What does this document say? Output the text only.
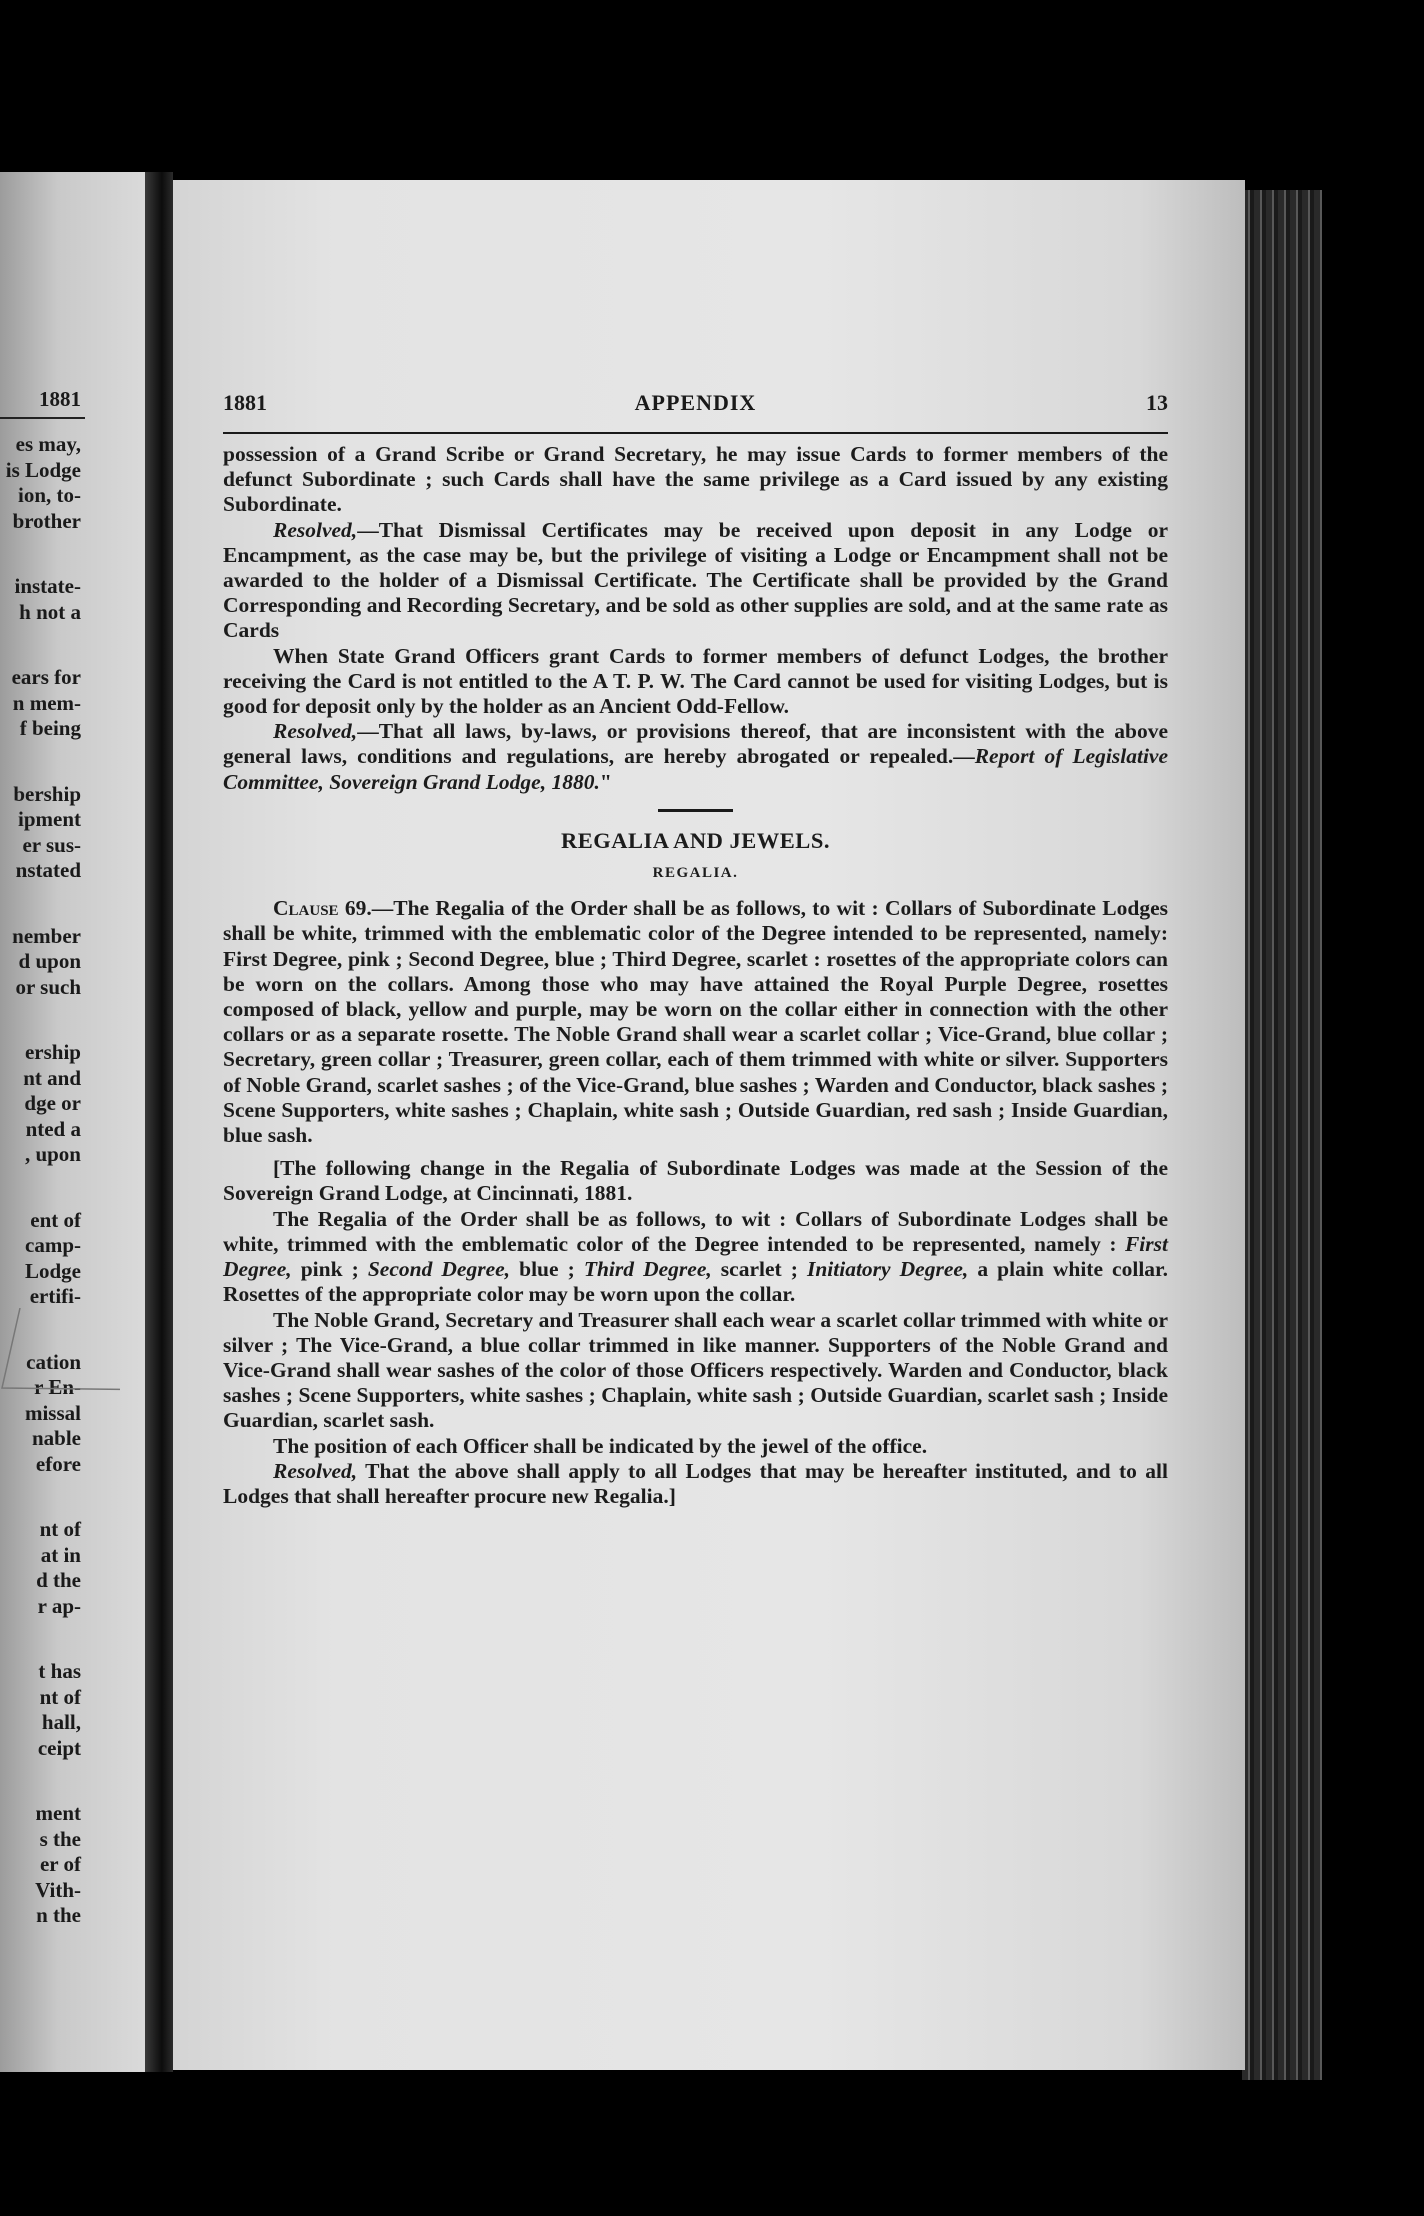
1881
es may,
is Lodge
ion, to-
brother
instate-
h not a
ears for
n mem-
f being
bership
ipment
er sus-
nstated
nember
d upon
or such
ership
nt and
dge or
nted a
, upon
ent of
camp-
Lodge
ertifi-
cation
r En-
missal
nable
efore
nt of
at in
d the
r ap-
t has
nt of
hall,
ceipt
ment
s the
er of
Vith-
n the
1881	APPENDIX	13

possession of a Grand Scribe or Grand Secretary, he may issue Cards to former members of the defunct Subordinate ; such Cards shall have the same privilege as a Card issued by any existing Subordinate.

Resolved,—That Dismissal Certificates may be received upon deposit in any Lodge or Encampment, as the case may be, but the privilege of visiting a Lodge or Encampment shall not be awarded to the holder of a Dismissal Certificate. The Certificate shall be provided by the Grand Corresponding and Recording Secretary, and be sold as other supplies are sold, and at the same rate as Cards

When State Grand Officers grant Cards to former members of defunct Lodges, the brother receiving the Card is not entitled to the A T. P. W. The Card cannot be used for visiting Lodges, but is good for deposit only by the holder as an Ancient Odd-Fellow.

Resolved,—That all laws, by-laws, or provisions thereof, that are inconsistent with the above general laws, conditions and regulations, are hereby abrogated or repealed.—Report of Legislative Committee, Sovereign Grand Lodge, 1880."

REGALIA AND JEWELS.
REGALIA.

Clause 69.—The Regalia of the Order shall be as follows, to wit : Collars of Subordinate Lodges shall be white, trimmed with the emblematic color of the Degree intended to be represented, namely: First Degree, pink ; Second Degree, blue ; Third Degree, scarlet : rosettes of the appropriate colors can be worn on the collars. Among those who may have attained the Royal Purple Degree, rosettes composed of black, yellow and purple, may be worn on the collar either in connection with the other collars or as a separate rosette. The Noble Grand shall wear a scarlet collar ; Vice-Grand, blue collar ; Secretary, green collar ; Treasurer, green collar, each of them trimmed with white or silver. Supporters of Noble Grand, scarlet sashes ; of the Vice-Grand, blue sashes ; Warden and Conductor, black sashes ; Scene Supporters, white sashes ; Chaplain, white sash ; Outside Guardian, red sash ; Inside Guardian, blue sash.

[The following change in the Regalia of Subordinate Lodges was made at the Session of the Sovereign Grand Lodge, at Cincinnati, 1881.

The Regalia of the Order shall be as follows, to wit : Collars of Subordinate Lodges shall be white, trimmed with the emblematic color of the Degree intended to be represented, namely : First Degree, pink ; Second Degree, blue ; Third Degree, scarlet ; Initiatory Degree, a plain white collar. Rosettes of the appropriate color may be worn upon the collar.

The Noble Grand, Secretary and Treasurer shall each wear a scarlet collar trimmed with white or silver ; The Vice-Grand, a blue collar trimmed in like manner. Supporters of the Noble Grand and Vice-Grand shall wear sashes of the color of those Officers respectively. Warden and Conductor, black sashes ; Scene Supporters, white sashes ; Chaplain, white sash ; Outside Guardian, scarlet sash ; Inside Guardian, scarlet sash.

The position of each Officer shall be indicated by the jewel of the office.

Resolved, That the above shall apply to all Lodges that may be hereafter instituted, and to all Lodges that shall hereafter procure new Regalia.]
